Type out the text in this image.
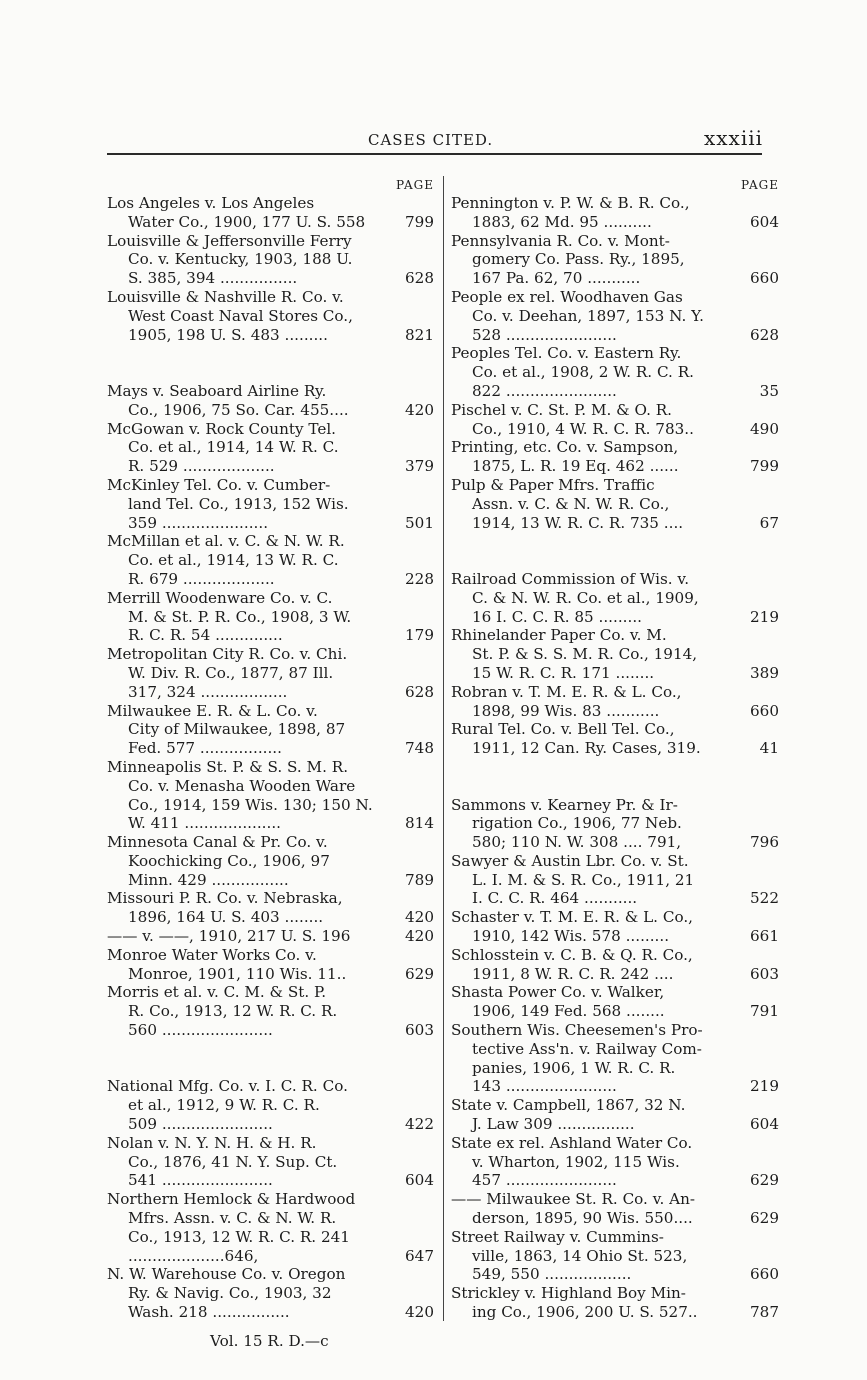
CASES CITED.	xxxiii
PAGE
Los Angeles v. Los Angeles
Water Co., 1900, 177 U. S. 558	799
Louisville & Jeffersonville Ferry
Co. v. Kentucky, 1903, 188 U.
S. 385, 394 ................	628
Louisville & Nashville R. Co. v.
West Coast Naval Stores Co.,
1905, 198 U. S. 483 .........	821
Mays v. Seaboard Airline Ry.
Co., 1906, 75 So. Car. 455....	420
McGowan v. Rock County Tel.
Co. et al., 1914, 14 W. R. C.
R. 529 ...................	379
McKinley Tel. Co. v. Cumber-
land Tel. Co., 1913, 152 Wis.
359 ......................	501
McMillan et al. v. C. & N. W. R.
Co. et al., 1914, 13 W. R. C.
R. 679 ...................	228
Merrill Woodenware Co. v. C.
M. & St. P. R. Co., 1908, 3 W.
R. C. R. 54 ..............	179
Metropolitan City R. Co. v. Chi.
W. Div. R. Co., 1877, 87 Ill.
317, 324 ..................	628
Milwaukee E. R. & L. Co. v.
City of Milwaukee, 1898, 87
Fed. 577 .................	748
Minneapolis St. P. & S. S. M. R.
Co. v. Menasha Wooden Ware
Co., 1914, 159 Wis. 130; 150 N.
W. 411 ....................	814
Minnesota Canal & Pr. Co. v.
Koochicking Co., 1906, 97
Minn. 429 ................	789
Missouri P. R. Co. v. Nebraska,
1896, 164 U. S. 403 ........	420
—— v. ——, 1910, 217 U. S. 196	420
Monroe Water Works Co. v.
Monroe, 1901, 110 Wis. 11..	629
Morris et al. v. C. M. & St. P.
R. Co., 1913, 12 W. R. C. R.
560 .......................	603
National Mfg. Co. v. I. C. R. Co.
et al., 1912, 9 W. R. C. R.
509 .......................	422
Nolan v. N. Y. N. H. & H. R.
Co., 1876, 41 N. Y. Sup. Ct.
541 .......................	604
Northern Hemlock & Hardwood
Mfrs. Assn. v. C. & N. W. R.
Co., 1913, 12 W. R. C. R. 241
....................646,	647
N. W. Warehouse Co. v. Oregon
Ry. & Navig. Co., 1903, 32
Wash. 218 ................	420
PAGE
Pennington v. P. W. & B. R. Co.,
1883, 62 Md. 95 ..........	604
Pennsylvania R. Co. v. Mont-
gomery Co. Pass. Ry., 1895,
167 Pa. 62, 70 ...........	660
People ex rel. Woodhaven Gas
Co. v. Deehan, 1897, 153 N. Y.
528 .......................	628
Peoples Tel. Co. v. Eastern Ry.
Co. et al., 1908, 2 W. R. C. R.
822 .......................	35
Pischel v. C. St. P. M. & O. R.
Co., 1910, 4 W. R. C. R. 783..	490
Printing, etc. Co. v. Sampson,
1875, L. R. 19 Eq. 462 ......	799
Pulp & Paper Mfrs. Traffic
Assn. v. C. & N. W. R. Co.,
1914, 13 W. R. C. R. 735 ....	67
Railroad Commission of Wis. v.
C. & N. W. R. Co. et al., 1909,
16 I. C. C. R. 85 .........	219
Rhinelander Paper Co. v. M.
St. P. & S. S. M. R. Co., 1914,
15 W. R. C. R. 171 ........	389
Robran v. T. M. E. R. & L. Co.,
1898, 99 Wis. 83 ...........	660
Rural Tel. Co. v. Bell Tel. Co.,
1911, 12 Can. Ry. Cases, 319.	41
Sammons v. Kearney Pr. & Ir-
rigation Co., 1906, 77 Neb.
580; 110 N. W. 308 .... 791,	796
Sawyer & Austin Lbr. Co. v. St.
L. I. M. & S. R. Co., 1911, 21
I. C. C. R. 464 ...........	522
Schaster v. T. M. E. R. & L. Co.,
1910, 142 Wis. 578 .........	661
Schlosstein v. C. B. & Q. R. Co.,
1911, 8 W. R. C. R. 242 ....	603
Shasta Power Co. v. Walker,
1906, 149 Fed. 568 ........	791
Southern Wis. Cheesemen's Pro-
tective Ass'n. v. Railway Com-
panies, 1906, 1 W. R. C. R.
143 .......................	219
State v. Campbell, 1867, 32 N.
J. Law 309 ................	604
State ex rel. Ashland Water Co.
v. Wharton, 1902, 115 Wis.
457 .......................	629
—— Milwaukee St. R. Co. v. An-
derson, 1895, 90 Wis. 550....	629
Street Railway v. Cummins-
ville, 1863, 14 Ohio St. 523,
549, 550 ..................	660
Strickley v. Highland Boy Min-
ing Co., 1906, 200 U. S. 527..	787
Vol. 15 R. D.—c
